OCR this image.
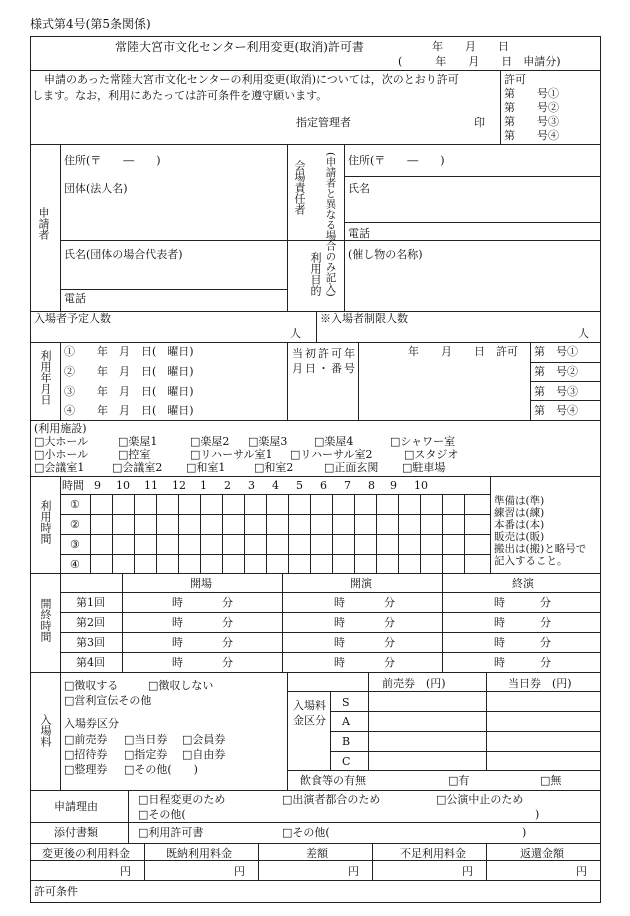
様式第4号(第5条関係)
常陸大宮市文化センター利用変更(取消)許可書	年　　月　　日
(　　　年　　月　　日　申請分)
申請のあった常陸大宮市文化センターの利用変更(取消)については，次のとおり許可
します。なお，利用にあたっては許可条件を遵守願います。
指定管理者	印
許可
第　　号①
第　　号②
第　　号③
第　　号④
申請者
住所(〒　　―　　)
団体(法人名)
氏名(団体の場合代表者)
電話
(申請者と異なる場合のみ記入)
会場責任者	住所(〒　　―　　)
氏名
電話
利用目的 (催し物の名称)
入場者予定人数
人
※入場者制限人数
人
利用年月日 ①　　年　月　日(　曜日)
②　　年　月　日(　曜日)
③　　年　月　日(　曜日)
④　　年　月　日(　曜日)
当初許可年月日・番号
年　　月　　日　許可 第　号①
第　号②
第　号③
第　号④
(利用施設)
□大ホール	□楽屋1	□楽屋2 □楽屋3 □楽屋4	□シャワー室
□小ホール	□控室	□リハーサル室1 □リハーサル室2	□スタジオ
□会議室1	□会議室2 □和室1	□和室2	□正面玄関 □駐車場
利用時間
時間 9 10 11 12 1 2 3 4 5 6 7 8 9 10
①
②
③
④
準備は(準)
練習は(練)
本番は(本)
販売は(販)
搬出は(搬)と略号で
記入すること。
開終時間
開場	開演	終演
第1回	時	分	時	分	時	分
第2回	時	分	時	分	時	分
第3回	時	分	時	分	時	分
第4回	時	分	時	分	時	分
入場料
□徴収する	□徴収しない
□営利宣伝その他
入場券区分
□前売券 □当日券 □会員券
□招待券 □指定券 □自由券
□整理券 □その他(　　)
入場料金区分
前売券　(円)	当日券　(円)
S
A
B
C
飲食等の有無	□有	□無
申請理由
□日程変更のため	□出演者都合のため	□公演中止のため
□その他(	)
添付書類	□利用許可書	□その他(	)
変更後の利用料金	既納利用料金	差額	不足利用料金	返還金額
円	円	円	円	円
許可条件
